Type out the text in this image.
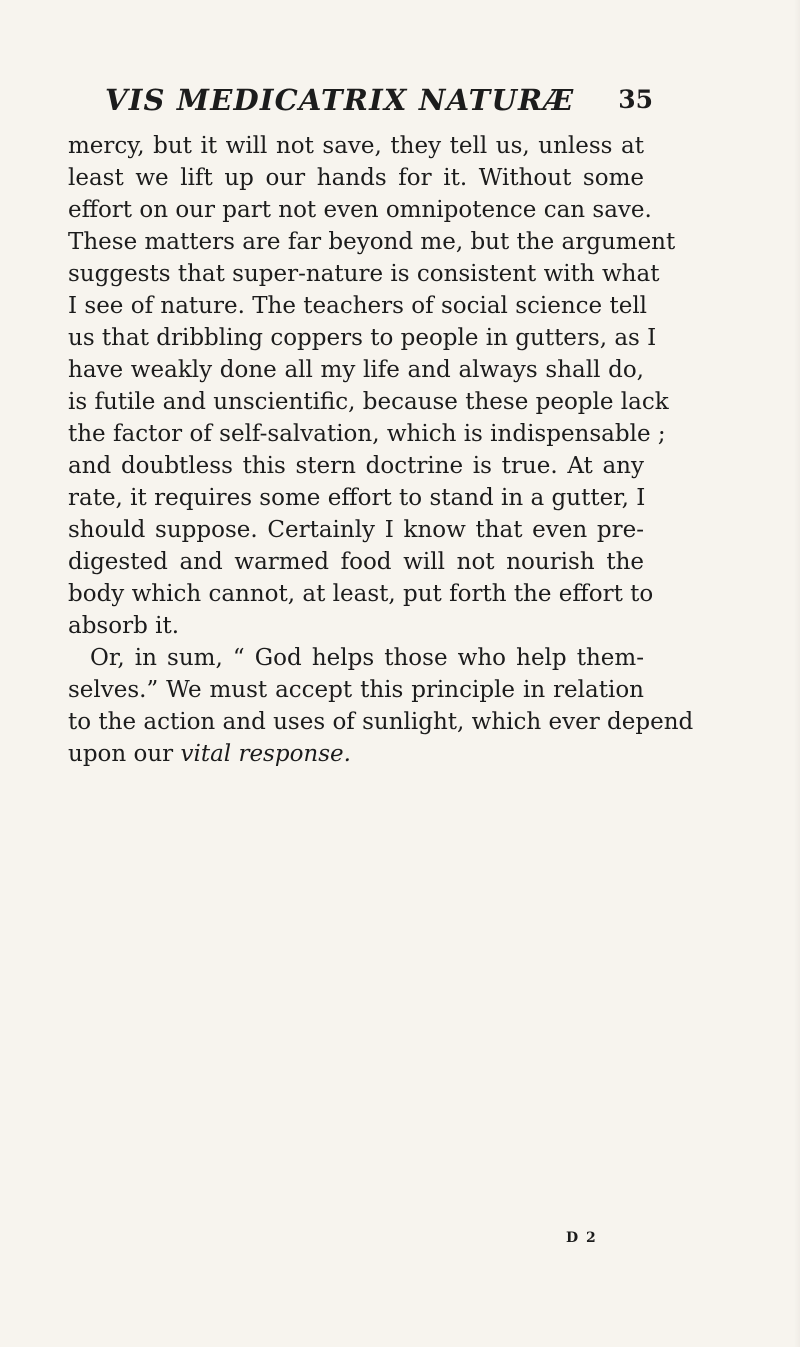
VIS MEDICATRIX NATURÆ 35
mercy, but it will not save, they tell us, unless at
least we lift up our hands for it. Without some
effort on our part not even omnipotence can save.
These matters are far beyond me, but the argument
suggests that super-nature is consistent with what
I see of nature. The teachers of social science tell
us that dribbling coppers to people in gutters, as I
have weakly done all my life and always shall do,
is futile and unscientific, because these people lack
the factor of self-salvation, which is indispensable ;
and doubtless this stern doctrine is true. At any
rate, it requires some effort to stand in a gutter, I
should suppose. Certainly I know that even pre-
digested and warmed food will not nourish the
body which cannot, at least, put forth the effort to
absorb it.
Or, in sum, “ God helps those who help them-
selves.” We must accept this principle in relation
to the action and uses of sunlight, which ever depend
upon our vital response.
D 2
